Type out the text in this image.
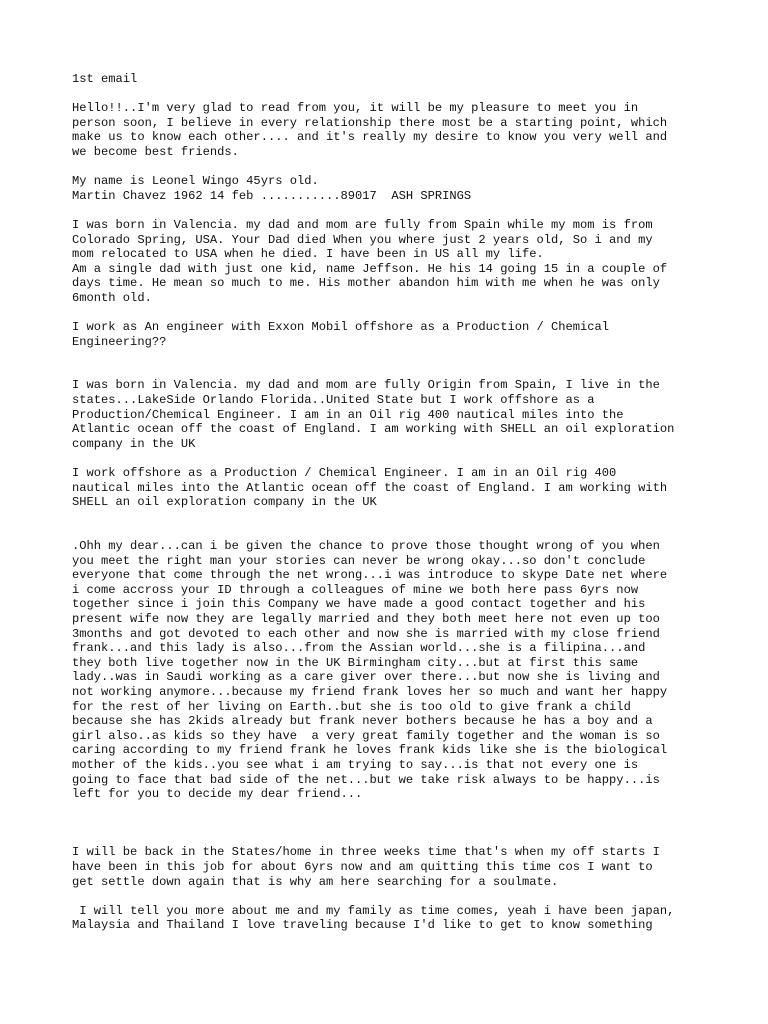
1st email

Hello!!..I'm very glad to read from you, it will be my pleasure to meet you in
person soon, I believe in every relationship there most be a starting point, which
make us to know each other.... and it's really my desire to know you very well and
we become best friends.

My name is Leonel Wingo 45yrs old.
Martin Chavez 1962 14 feb ...........89017  ASH SPRINGS

I was born in Valencia. my dad and mom are fully from Spain while my mom is from
Colorado Spring, USA. Your Dad died When you where just 2 years old, So i and my
mom relocated to USA when he died. I have been in US all my life.
Am a single dad with just one kid, name Jeffson. He his 14 going 15 in a couple of
days time. He mean so much to me. His mother abandon him with me when he was only
6month old.

I work as An engineer with Exxon Mobil offshore as a Production / Chemical
Engineering??

I was born in Valencia. my dad and mom are fully Origin from Spain, I live in the
states...LakeSide Orlando Florida..United State but I work offshore as a
Production/Chemical Engineer. I am in an Oil rig 400 nautical miles into the
Atlantic ocean off the coast of England. I am working with SHELL an oil exploration
company in the UK

I work offshore as a Production / Chemical Engineer. I am in an Oil rig 400
nautical miles into the Atlantic ocean off the coast of England. I am working with
SHELL an oil exploration company in the UK

.Ohh my dear...can i be given the chance to prove those thought wrong of you when
you meet the right man your stories can never be wrong okay...so don't conclude
everyone that come through the net wrong...i was introduce to skype Date net where
i come accross your ID through a colleagues of mine we both here pass 6yrs now
together since i join this Company we have made a good contact together and his
present wife now they are legally married and they both meet here not even up too
3months and got devoted to each other and now she is married with my close friend
frank...and this lady is also...from the Assian world...she is a filipina...and
they both live together now in the UK Birmingham city...but at first this same
lady..was in Saudi working as a care giver over there...but now she is living and
not working anymore...because my friend frank loves her so much and want her happy
for the rest of her living on Earth..but she is too old to give frank a child
because she has 2kids already but frank never bothers because he has a boy and a
girl also..as kids so they have  a very great family together and the woman is so
caring according to my friend frank he loves frank kids like she is the biological
mother of the kids..you see what i am trying to say...is that not every one is
going to face that bad side of the net...but we take risk always to be happy...is
left for you to decide my dear friend...

I will be back in the States/home in three weeks time that's when my off starts I
have been in this job for about 6yrs now and am quitting this time cos I want to
get settle down again that is why am here searching for a soulmate.

I will tell you more about me and my family as time comes, yeah i have been japan,
Malaysia and Thailand I love traveling because I'd like to get to know something
